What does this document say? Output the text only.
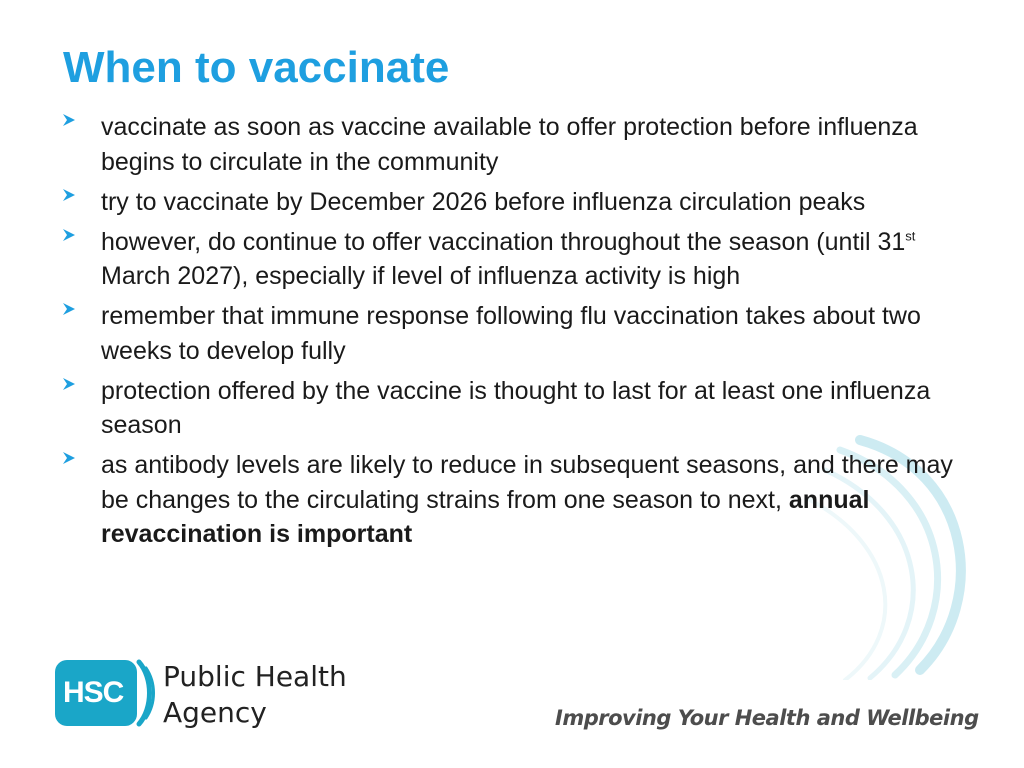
When to vaccinate
vaccinate as soon as vaccine available to offer protection before influenza begins to circulate in the community
try to vaccinate by December 2026 before influenza circulation peaks
however, do continue to offer vaccination throughout the season (until 31st March 2027), especially if level of influenza activity is high
remember that immune response following flu vaccination takes about two weeks to develop fully
protection offered by the vaccine is thought to last for at least one influenza season
as antibody levels are likely to reduce in subsequent seasons, and there may be changes to the circulating strains from one season to next, annual revaccination is important
HSC Public Health
Agency	Improving Your Health and Wellbeing
